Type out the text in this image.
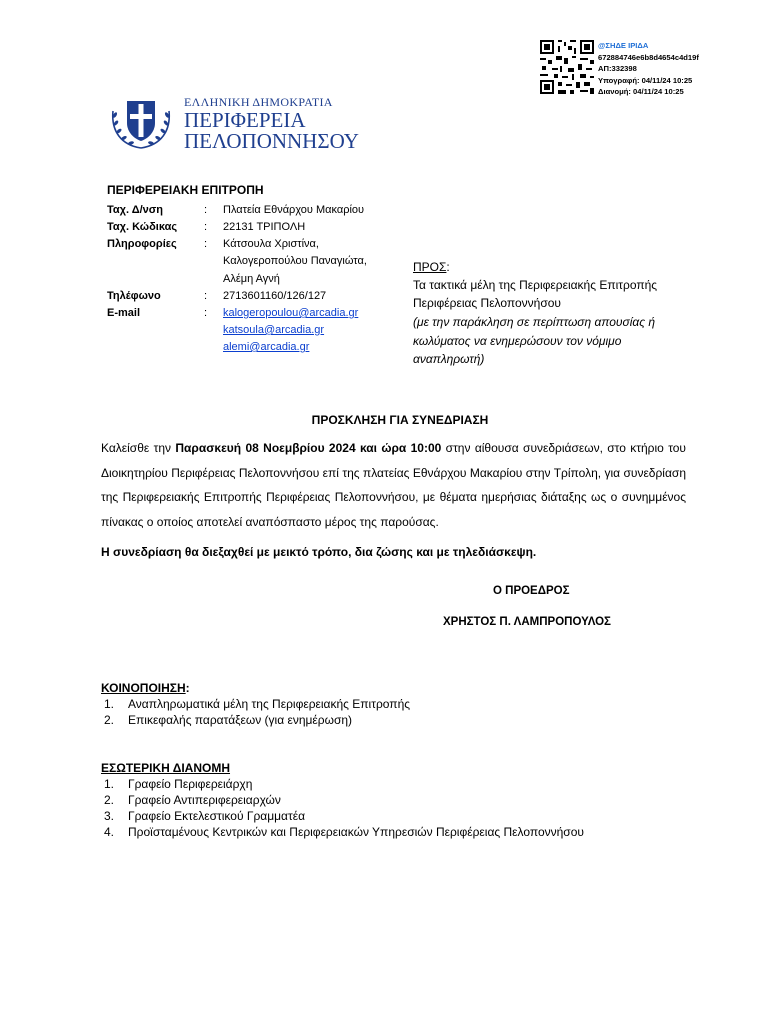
@ΣΗΔΕ ΙΡΙΔΑ
672884746e6b8d4654c4d19f
ΑΠ:332398
Υπογραφή: 04/11/24 10:25
Διανομή: 04/11/24 10:25
ΕΛΛΗΝΙΚΗ ΔΗΜΟΚΡΑΤΙΑ
ΠΕΡΙΦΕΡΕΙΑ
ΠΕΛΟΠΟΝΝΗΣΟΥ
ΠΕΡΙΦΕΡΕΙΑΚΗ ΕΠΙΤΡΟΠΗ
Ταχ. Δ/νση	: Πλατεία Εθνάρχου Μακαρίου
Ταχ. Κώδικας : 22131 ΤΡΙΠΟΛΗ
Πληροφορίες : Κάτσουλα Χριστίνα,
Καλογεροπούλου Παναγιώτα,
Αλέμη Αγνή
Τηλέφωνο	: 2713601160/126/127
E-mail	: kalogeropoulou@arcadia.gr
katsoula@arcadia.gr
alemi@arcadia.gr
ΠΡΟΣ:
Τα τακτικά μέλη της Περιφερειακής Επιτροπής
Περιφέρειας Πελοποννήσου
(με την παράκληση σε περίπτωση απουσίας ή
κωλύματος να ενημερώσουν τον νόμιμο
αναπληρωτή)
ΠΡΟΣΚΛΗΣΗ ΓΙΑ ΣΥΝΕΔΡΙΑΣΗ
Καλείσθε την Παρασκευή 08 Νοεμβρίου 2024 και ώρα 10:00 στην αίθουσα συνεδριάσεων, στο κτήριο του Διοικητηρίου Περιφέρειας Πελοποννήσου επί της πλατείας Εθνάρχου Μακαρίου στην Τρίπολη, για συνεδρίαση της Περιφερειακής Επιτροπής Περιφέρειας Πελοποννήσου, με θέματα ημερήσιας διάταξης ως ο συνημμένος πίνακας ο οποίος αποτελεί αναπόσπαστο μέρος της παρούσας.
Η συνεδρίαση θα διεξαχθεί με μεικτό τρόπο, δια ζώσης και με τηλεδιάσκεψη.
Ο ΠΡΟΕΔΡΟΣ
ΧΡΗΣΤΟΣ Π. ΛΑΜΠΡΟΠΟΥΛΟΣ
ΚΟΙΝΟΠΟΙΗΣΗ:
1. Αναπληρωματικά μέλη της Περιφερειακής Επιτροπής
2. Επικεφαλής παρατάξεων (για ενημέρωση)
ΕΣΩΤΕΡΙΚΗ ΔΙΑΝΟΜΗ
1. Γραφείο Περιφερειάρχη
2. Γραφείο Αντιπεριφερειαρχών
3. Γραφείο Εκτελεστικού Γραμματέα
4. Προϊσταμένους Κεντρικών και Περιφερειακών Υπηρεσιών Περιφέρειας Πελοποννήσου
